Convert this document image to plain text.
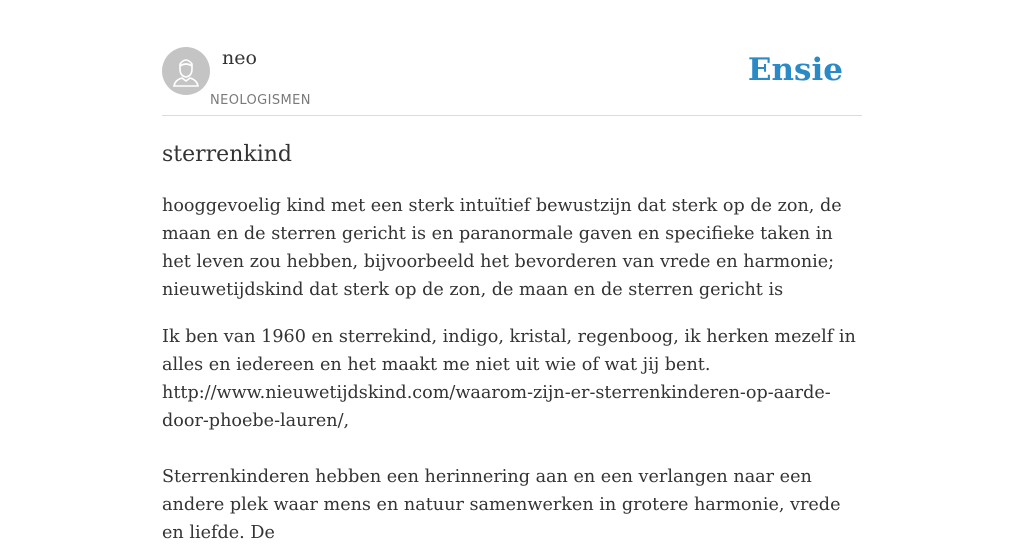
neo
NEOLOGISMEN
Ensie
sterrenkind

hooggevoelig kind met een sterk intuïtief bewustzijn dat sterk op de zon, de maan en de sterren gericht is en paranormale gaven en specifieke taken in het leven zou hebben, bijvoorbeeld het bevorderen van vrede en harmonie; nieuwetijdskind dat sterk op de zon, de maan en de sterren gericht is

Ik ben van 1960 en sterrekind, indigo, kristal, regenboog, ik herken mezelf in alles en iedereen en het maakt me niet uit wie of wat jij bent.
http://www.nieuwetijdskind.com/waarom-zijn-er-sterrenkinderen-op-aarde-door-phoebe-lauren/,

Sterrenkinderen hebben een herinnering aan en een verlangen naar een andere plek waar mens en natuur samenwerken in grotere harmonie, vrede en liefde. De
